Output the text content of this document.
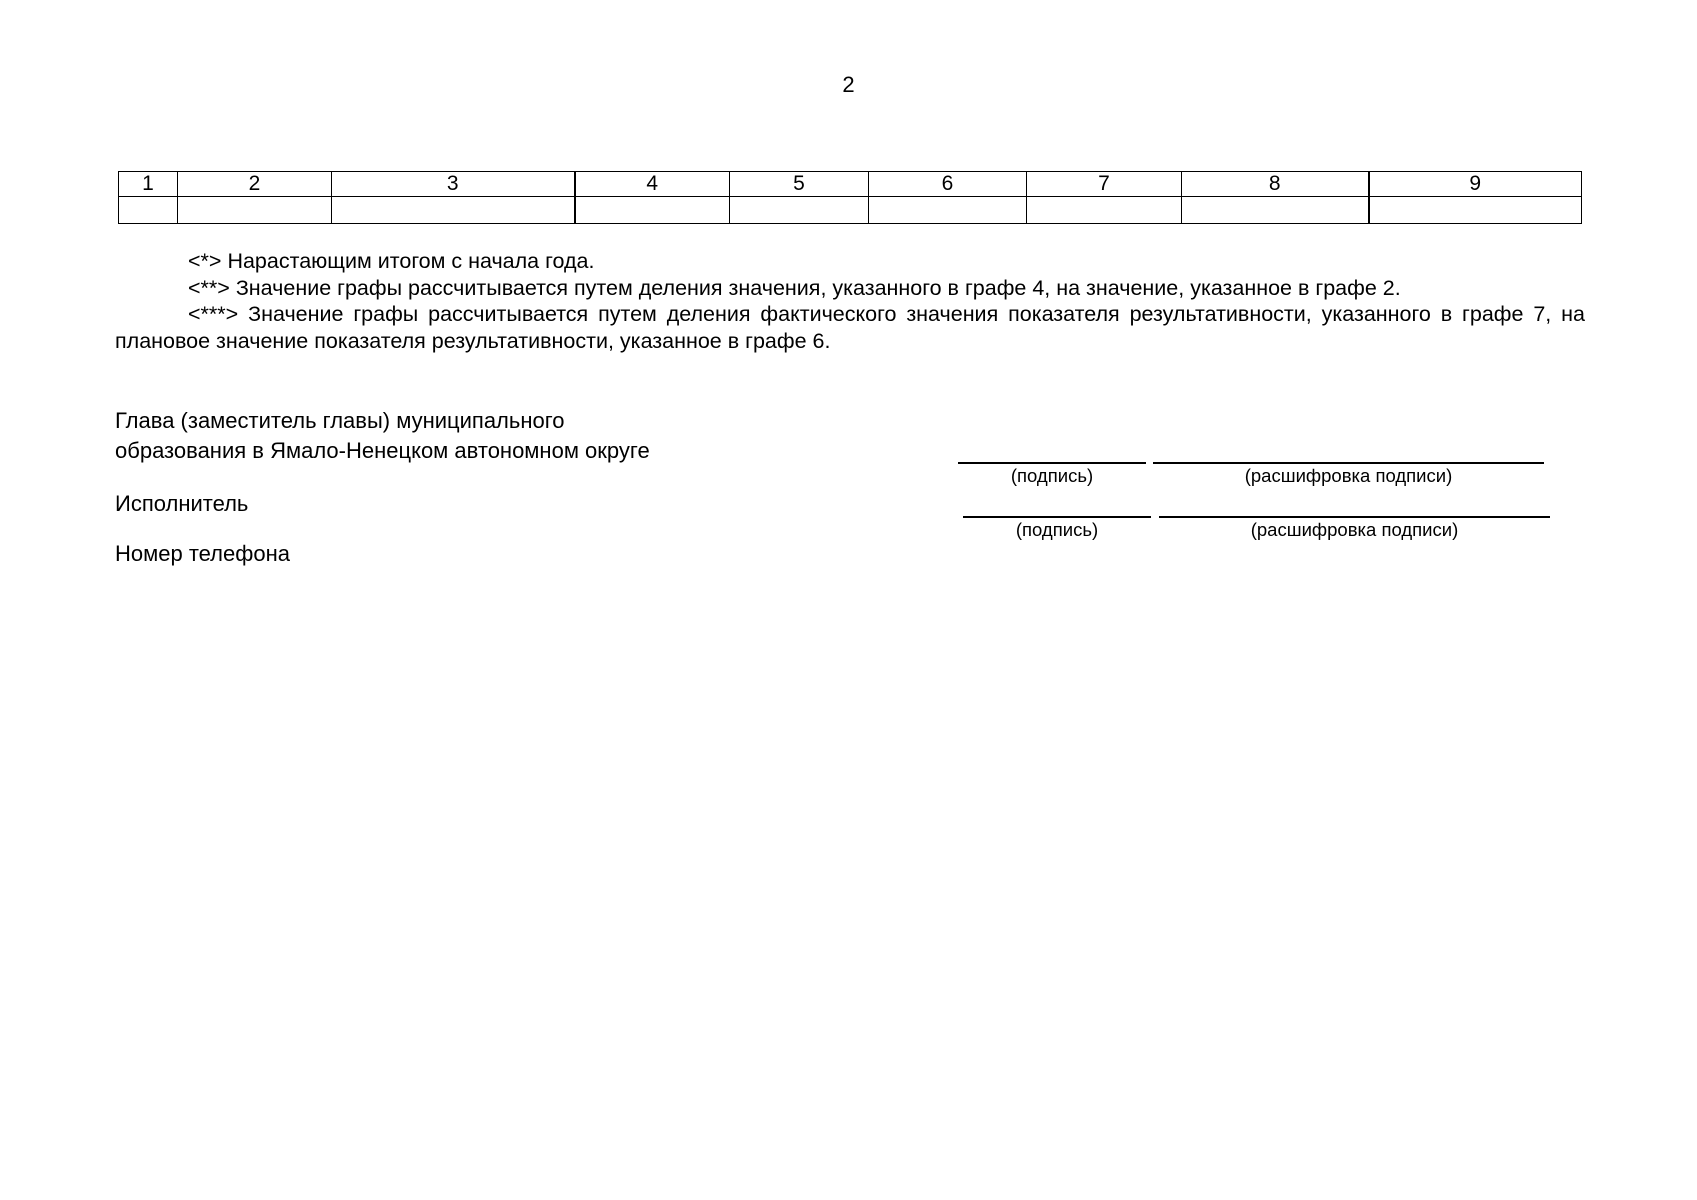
2
1	2	3	4	5	6	7	8	9

<*> Нарастающим итогом с начала года.

<**> Значение графы рассчитывается путем деления значения, указанного в графе 4, на значение, указанное в графе 2.

<***> Значение графы рассчитывается путем деления фактического значения показателя результативности, указанного в графе 7, на плановое значение показателя результативности, указанное в графе 6.

Глава (заместитель главы) муниципального
образования в Ямало-Ненецком автономном округе
Исполнитель
Номер телефона
(подпись)	(расшифровка подписи)
(подпись)	(расшифровка подписи)
